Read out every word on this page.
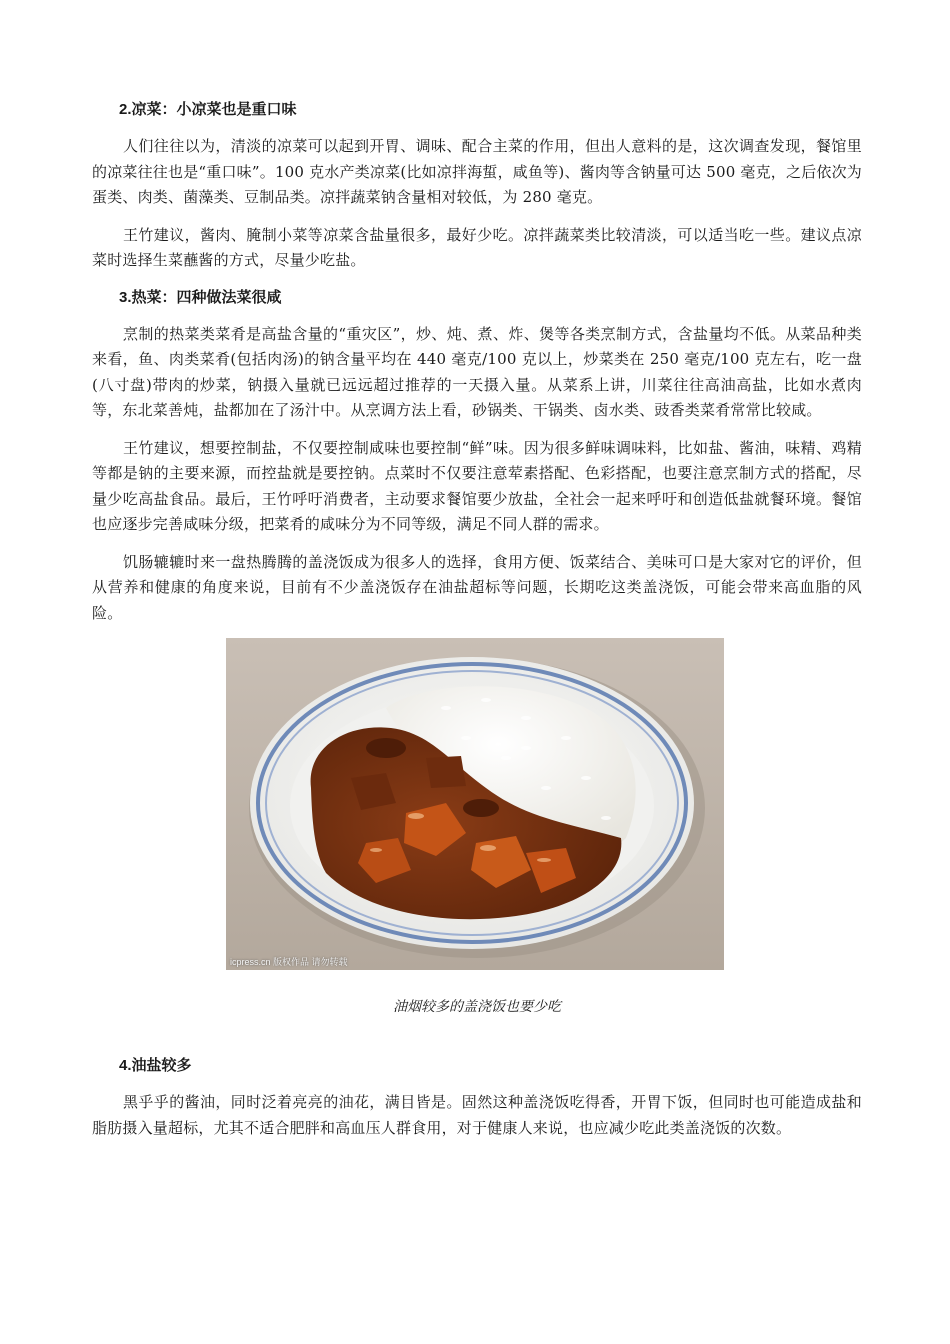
2.凉菜：小凉菜也是重口味

人们往往以为，清淡的凉菜可以起到开胃、调味、配合主菜的作用，但出人意料的是，这次调查发现，餐馆里的凉菜往往也是“重口味”。100 克水产类凉菜(比如凉拌海蜇，咸鱼等)、酱肉等含钠量可达 500 毫克，之后依次为蛋类、肉类、菌藻类、豆制品类。凉拌蔬菜钠含量相对较低，为 280 毫克。

王竹建议，酱肉、腌制小菜等凉菜含盐量很多，最好少吃。凉拌蔬菜类比较清淡，可以适当吃一些。建议点凉菜时选择生菜蘸酱的方式，尽量少吃盐。

3.热菜：四种做法菜很咸

烹制的热菜类菜肴是高盐含量的“重灾区”，炒、炖、煮、炸、煲等各类烹制方式，含盐量均不低。从菜品种类来看，鱼、肉类菜肴(包括肉汤)的钠含量平均在 440 毫克/100 克以上，炒菜类在 250 毫克/100 克左右，吃一盘(八寸盘)带肉的炒菜，钠摄入量就已远远超过推荐的一天摄入量。从菜系上讲，川菜往往高油高盐，比如水煮肉等，东北菜善炖，盐都加在了汤汁中。从烹调方法上看，砂锅类、干锅类、卤水类、豉香类菜肴常常比较咸。

王竹建议，想要控制盐，不仅要控制咸味也要控制“鲜”味。因为很多鲜味调味料，比如盐、酱油，味精、鸡精等都是钠的主要来源，而控盐就是要控钠。点菜时不仅要注意荤素搭配、色彩搭配，也要注意烹制方式的搭配，尽量少吃高盐食品。最后，王竹呼吁消费者，主动要求餐馆要少放盐，全社会一起来呼吁和创造低盐就餐环境。餐馆也应逐步完善咸味分级，把菜肴的咸味分为不同等级，满足不同人群的需求。

饥肠辘辘时来一盘热腾腾的盖浇饭成为很多人的选择，食用方便、饭菜结合、美味可口是大家对它的评价，但从营养和健康的角度来说，目前有不少盖浇饭存在油盐超标等问题，长期吃这类盖浇饭，可能会带来高血脂的风险。

icpress.cn 版权作品 请勿转载
油烟较多的盖浇饭也要少吃
4.油盐较多

黑乎乎的酱油，同时泛着亮亮的油花，满目皆是。固然这种盖浇饭吃得香，开胃下饭，但同时也可能造成盐和脂肪摄入量超标，尤其不适合肥胖和高血压人群食用，对于健康人来说，也应减少吃此类盖浇饭的次数。
